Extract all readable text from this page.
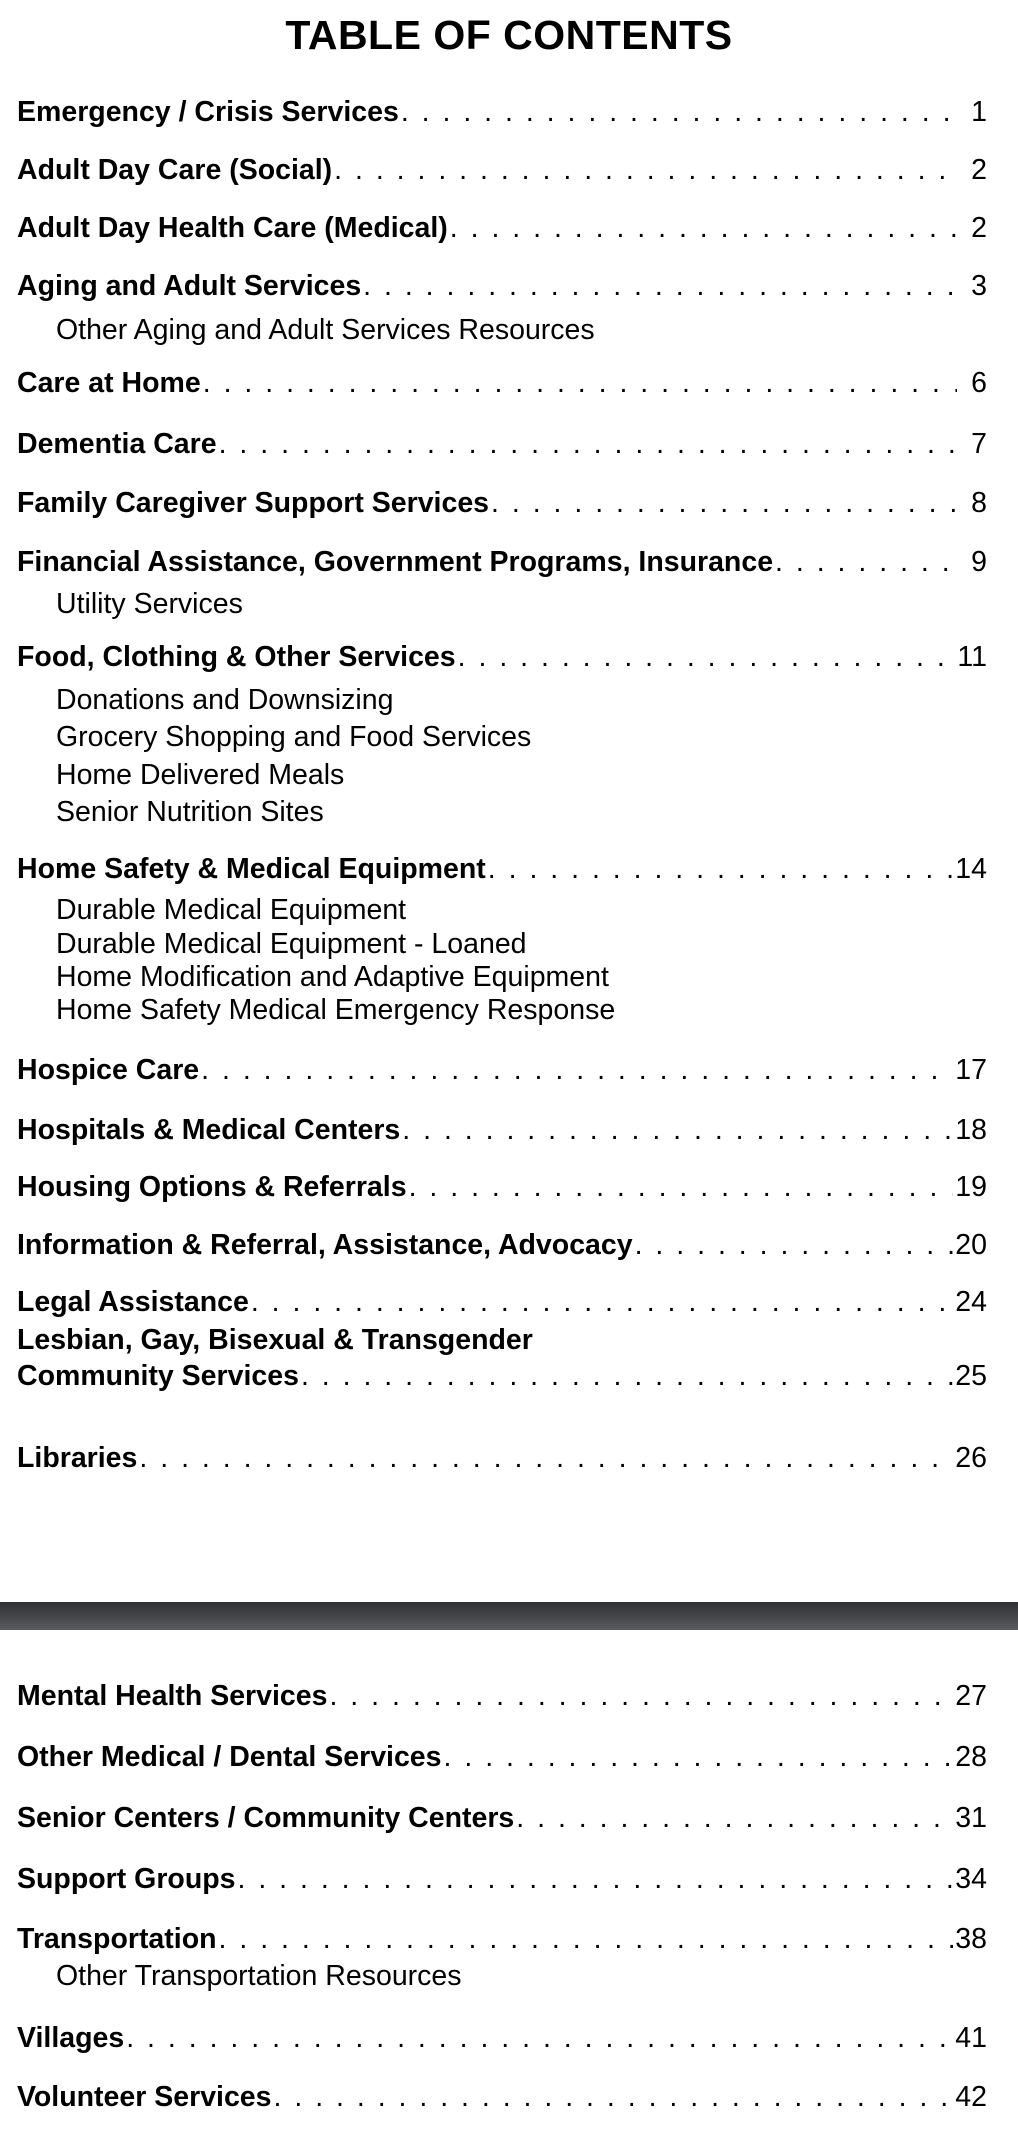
TABLE OF CONTENTS
Emergency / Crisis Services . . .	1
Adult Day Care (Social) . . .	2
Adult Day Health Care (Medical) . . .	2
Aging and Adult Services . . .	3
Other Aging and Adult Services Resources
Care at Home . . .	6
Dementia Care . . .	7
Family Caregiver Support Services . . .	8
Financial Assistance, Government Programs, Insurance . . .	9
Utility Services
Food, Clothing & Other Services . . .	11
Donations and Downsizing
Grocery Shopping and Food Services
Home Delivered Meals
Senior Nutrition Sites
Home Safety & Medical Equipment . . .	14
Durable Medical Equipment
Durable Medical Equipment - Loaned
Home Modification and Adaptive Equipment
Home Safety Medical Emergency Response
Hospice Care . . .	17
Hospitals & Medical Centers . . .	18
Housing Options & Referrals . . .	19
Information & Referral, Assistance, Advocacy . . .	20
Legal Assistance . . .	24
Lesbian, Gay, Bisexual & Transgender
Community Services . . .	25
Libraries . . .	26
Mental Health Services . . .	27
Other Medical / Dental Services . . .	28
Senior Centers / Community Centers . . .	31
Support Groups . . .	34
Transportation . . .	38
Other Transportation Resources
Villages . . .	41
Volunteer Services . . .	42
